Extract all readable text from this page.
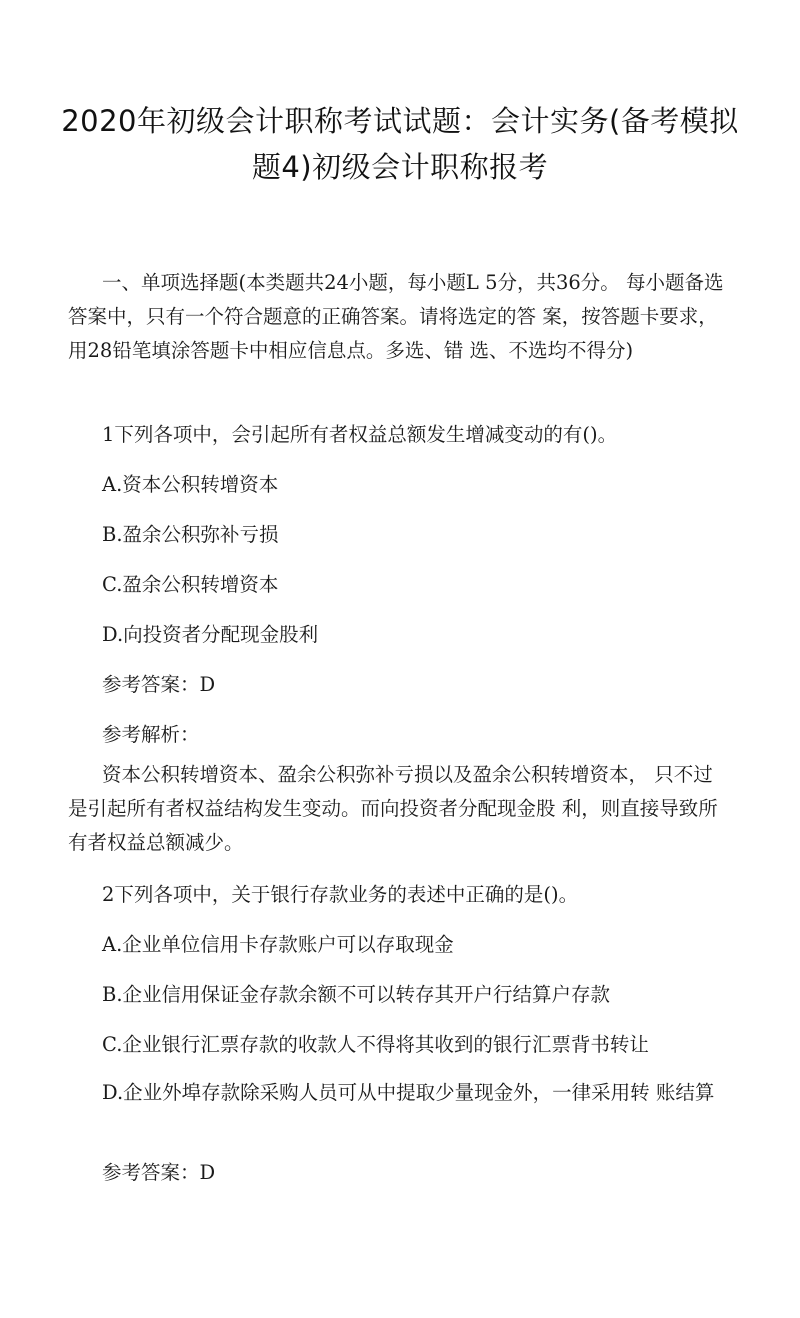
2020年初级会计职称考试试题：会计实务(备考模拟题4)初级会计职称报考

一、单项选择题(本类题共24小题，每小题L 5分，共36分。 每小题备选答案中，只有一个符合题意的正确答案。请将选定的答 案，按答题卡要求，用28铅笔填涂答题卡中相应信息点。多选、错 选、不选均不得分)

1下列各项中，会引起所有者权益总额发生增减变动的有()。

A.资本公积转增资本

B.盈余公积弥补亏损

C.盈余公积转增资本

D.向投资者分配现金股利

参考答案：D

参考解析：

资本公积转增资本、盈余公积弥补亏损以及盈余公积转增资本， 只不过是引起所有者权益结构发生变动。而向投资者分配现金股 利，则直接导致所有者权益总额减少。

2下列各项中，关于银行存款业务的表述中正确的是()。

A.企业单位信用卡存款账户可以存取现金

B.企业信用保证金存款余额不可以转存其开户行结算户存款

C.企业银行汇票存款的收款人不得将其收到的银行汇票背书转让

D.企业外埠存款除采购人员可从中提取少量现金外，一律采用转 账结算

参考答案：D
